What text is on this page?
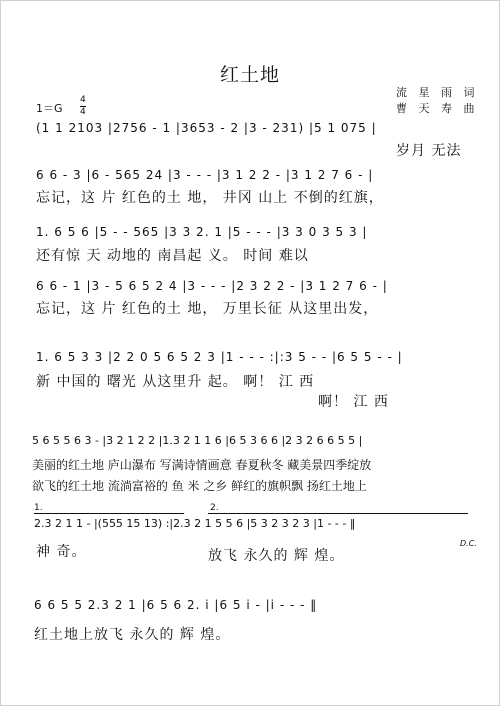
红土地
流 星 雨 词
曹 天 寿 曲
1＝G
4
4
(1 1 2103 |2756 - 1 |3653 - 2 |3 - 231) |5 1 075 |
岁月 无法
6 6 - 3 |6 - 565 24 |3 - - - |3 1 2 2 - |3 1 2 7 6 - |
忘记，这 片 红色的土 地， 井冈 山上 不倒的红旗，
1. 6 5 6 |5 - - 565 |3 3 2. 1 |5 - - - |3 3 0 3 5 3 |
还有惊 天 动地的 南昌起 义。 时间 难以
6 6 - 1 |3 - 5 6 5 2 4 |3 - - - |2 3 2 2 - |3 1 2 7 6 - |
忘记，这 片 红色的土 地， 万里长征 从这里出发，
1. 6 5 3 3 |2 2 0 5 6 5 2 3 |1 - - - :|:3 5 - - |6 5 5 - - |
新 中国的 曙光 从这里升 起。 啊！ 江 西
啊！ 江 西
5 6 5 5 6 3 - |3 2 1 2 2 |1.3 2 1 1 6 |6 5 3 6 6 |2 3 2 6 6 5 5 |
美丽的红土地 庐山瀑布 写满诗情画意 春夏秋冬 藏美景四季绽放
欲飞的红土地 流淌富裕的 鱼 米 之乡 鲜红的旗帜飘 扬红土地上
1.	2.
2.3 2 1 1 - |(555 15 13) :|2.3 2 1 5 5 6 |5 3 2 3 2 3 |1 - - - ‖
D.C.
神 奇。	放飞 永久的 辉 煌。
6 6 5 5 2.3 2 1 |6 5 6 2. i |6 5 i - |i - - - ‖
红土地上放飞 永久的 辉 煌。
